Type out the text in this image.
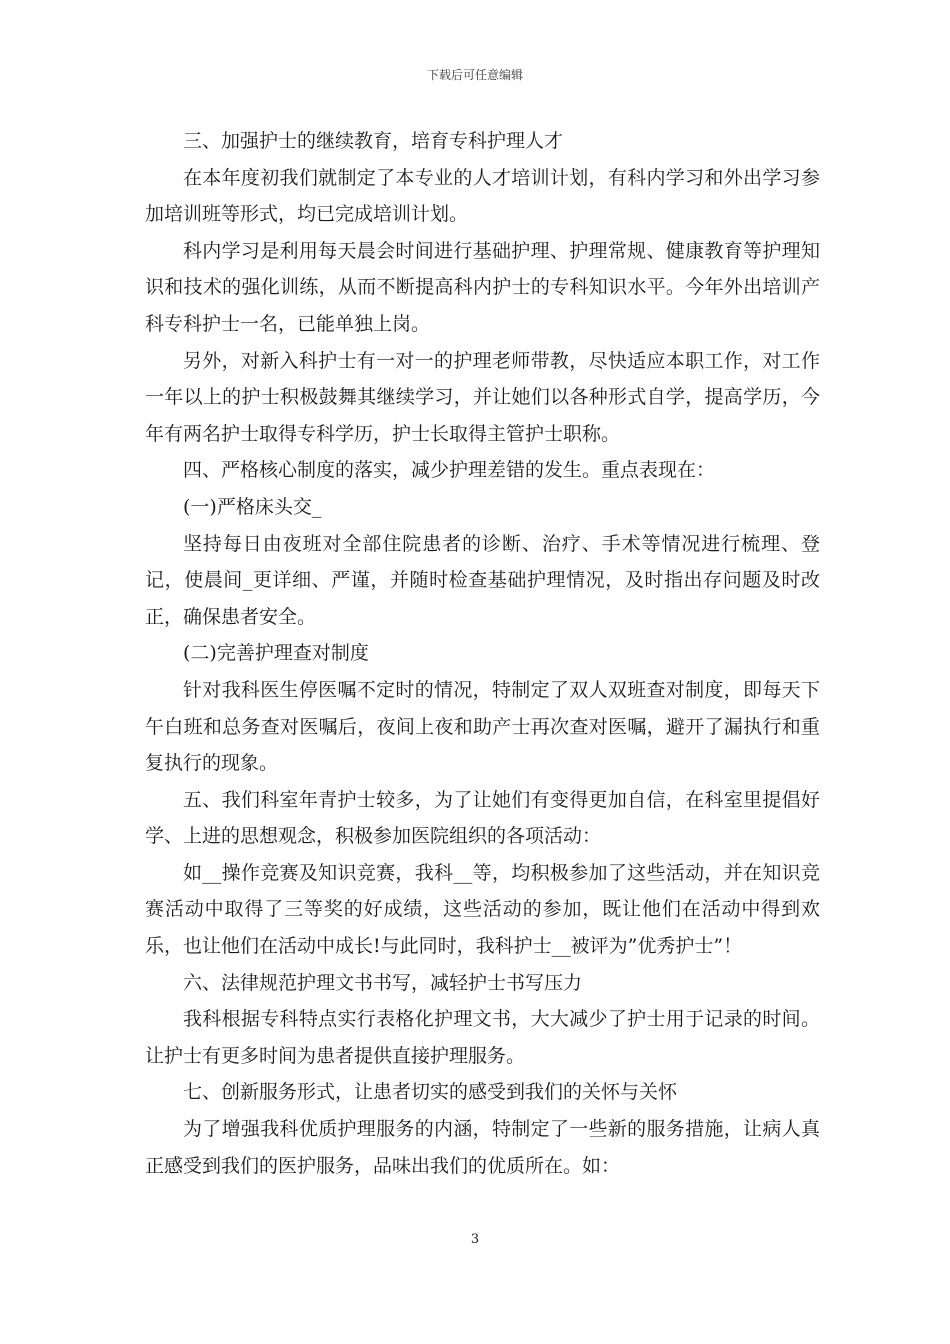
下载后可任意编辑

三、加强护士的继续教育，培育专科护理人才

在本年度初我们就制定了本专业的人才培训计划，有科内学习和外出学习参加培训班等形式，均已完成培训计划。

科内学习是利用每天晨会时间进行基础护理、护理常规、健康教育等护理知识和技术的强化训练，从而不断提高科内护士的专科知识水平。今年外出培训产科专科护士一名，已能单独上岗。

另外，对新入科护士有一对一的护理老师带教，尽快适应本职工作，对工作一年以上的护士积极鼓舞其继续学习，并让她们以各种形式自学，提高学历，今年有两名护士取得专科学历，护士长取得主管护士职称。

四、严格核心制度的落实，减少护理差错的发生。重点表现在：

(一)严格床头交_

坚持每日由夜班对全部住院患者的诊断、治疗、手术等情况进行梳理、登记，使晨间_更详细、严谨，并随时检查基础护理情况，及时指出存问题及时改正，确保患者安全。

(二)完善护理查对制度

针对我科医生停医嘱不定时的情况，特制定了双人双班查对制度，即每天下午白班和总务查对医嘱后，夜间上夜和助产士再次查对医嘱，避开了漏执行和重复执行的现象。

五、我们科室年青护士较多，为了让她们有变得更加自信，在科室里提倡好学、上进的思想观念，积极参加医院组织的各项活动：

如__操作竞赛及知识竞赛，我科__等，均积极参加了这些活动，并在知识竞赛活动中取得了三等奖的好成绩，这些活动的参加，既让他们在活动中得到欢乐，也让他们在活动中成长!与此同时，我科护士__被评为”优秀护士”！

六、法律规范护理文书书写，减轻护士书写压力

我科根据专科特点实行表格化护理文书，大大减少了护士用于记录的时间。让护士有更多时间为患者提供直接护理服务。

七、创新服务形式，让患者切实的感受到我们的关怀与关怀

为了增强我科优质护理服务的内涵，特制定了一些新的服务措施，让病人真正感受到我们的医护服务，品味出我们的优质所在。如：

3
